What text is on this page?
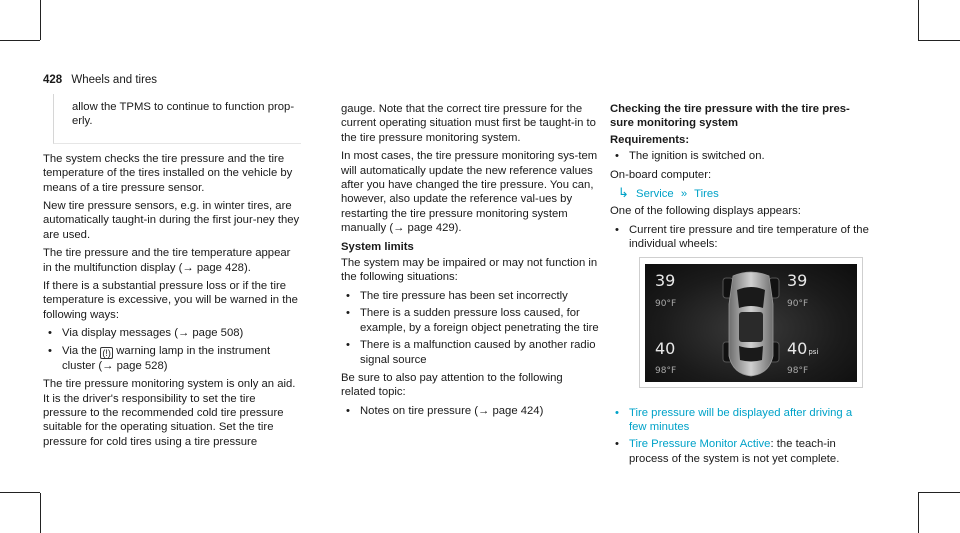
428 Wheels and tires

allow the TPMS to continue to function prop-erly.

The system checks the tire pressure and the tire temperature of the tires installed on the vehicle by means of a tire pressure sensor.

New tire pressure sensors, e.g. in winter tires, are automatically taught-in during the first jour-ney they are used.

The tire pressure and the tire temperature appear in the multifunction display (→ page 428).

If there is a substantial pressure loss or if the tire temperature is excessive, you will be warned in the following ways:

• Via display messages (→ page 508)
• Via the (!) warning lamp in the instrument cluster (→ page 528)

The tire pressure monitoring system is only an aid. It is the driver's responsibility to set the tire pressure to the recommended cold tire pressure suitable for the operating situation. Set the tire pressure for cold tires using a tire pressure

gauge. Note that the correct tire pressure for the current operating situation must first be taught-in to the tire pressure monitoring system.

In most cases, the tire pressure monitoring sys-tem will automatically update the new reference values after you have changed the tire pressure. You can, however, also update the reference val-ues by restarting the tire pressure monitoring system manually (→ page 429).

System limits

The system may be impaired or may not function in the following situations:

• The tire pressure has been set incorrectly
• There is a sudden pressure loss caused, for example, by a foreign object penetrating the tire
• There is a malfunction caused by another radio signal source

Be sure to also pay attention to the following related topic:

• Notes on tire pressure (→ page 424)

Checking the tire pressure with the tire pres-sure monitoring system

Requirements:

• The ignition is switched on.

On-board computer:

↳ Service » Tires

One of the following displays appears:

• Current tire pressure and tire temperature of the individual wheels:
• Tire pressure will be displayed after driving a few minutes
• Tire Pressure Monitor Active: the teach-in process of the system is not yet complete.
39
90°F
39
90°F
40
98°F
40psi
98°F
